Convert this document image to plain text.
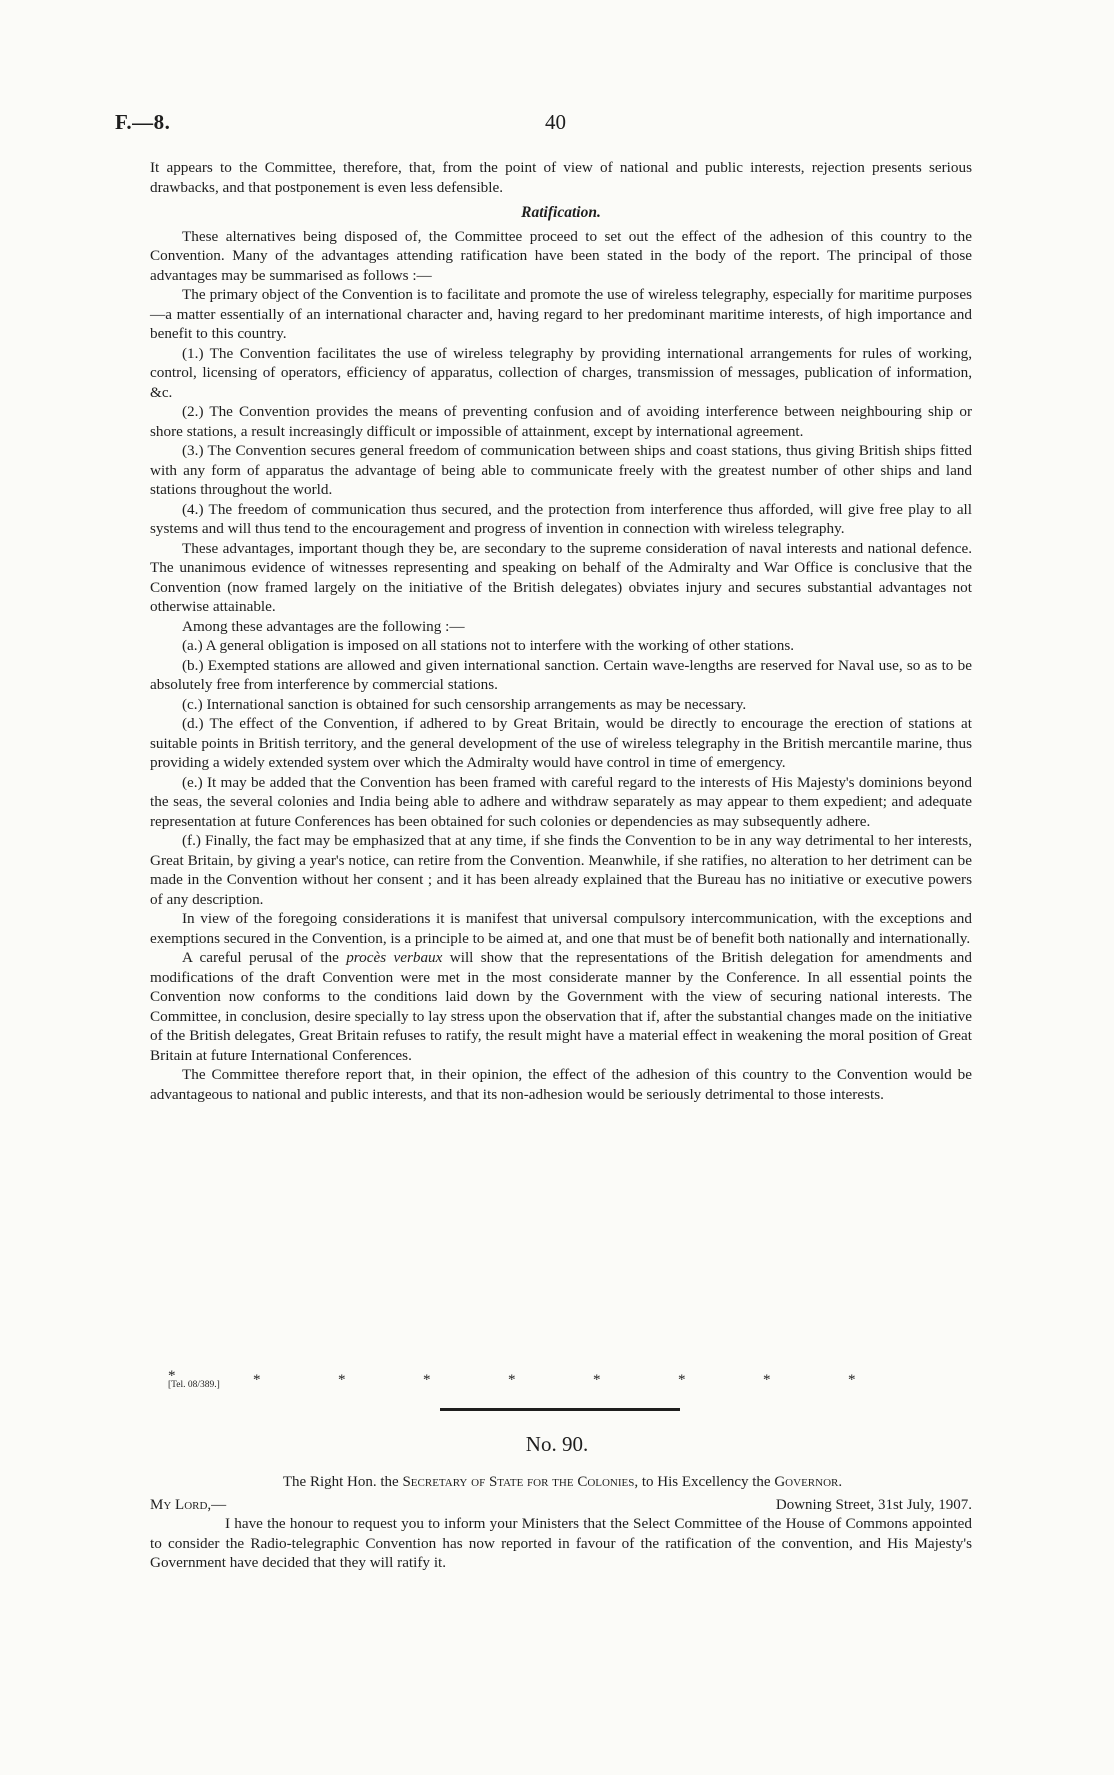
F.—8.	40

It appears to the Committee, therefore, that, from the point of view of national and public interests, rejection presents serious drawbacks, and that postponement is even less defensible.

Ratification.

These alternatives being disposed of, the Committee proceed to set out the effect of the adhesion of this country to the Convention. Many of the advantages attending ratification have been stated in the body of the report. The principal of those advantages may be summarised as follows :—

The primary object of the Convention is to facilitate and promote the use of wireless telegraphy, especially for maritime purposes—a matter essentially of an international character and, having regard to her predominant maritime interests, of high importance and benefit to this country.

(1.) The Convention facilitates the use of wireless telegraphy by providing international arrangements for rules of working, control, licensing of operators, efficiency of apparatus, collection of charges, transmission of messages, publication of information, &c.

(2.) The Convention provides the means of preventing confusion and of avoiding interference between neighbouring ship or shore stations, a result increasingly difficult or impossible of attainment, except by international agreement.

(3.) The Convention secures general freedom of communication between ships and coast stations, thus giving British ships fitted with any form of apparatus the advantage of being able to communicate freely with the greatest number of other ships and land stations throughout the world.

(4.) The freedom of communication thus secured, and the protection from interference thus afforded, will give free play to all systems and will thus tend to the encouragement and progress of invention in connection with wireless telegraphy.

These advantages, important though they be, are secondary to the supreme consideration of naval interests and national defence. The unanimous evidence of witnesses representing and speaking on behalf of the Admiralty and War Office is conclusive that the Convention (now framed largely on the initiative of the British delegates) obviates injury and secures substantial advantages not otherwise attainable.

Among these advantages are the following :—

(a.) A general obligation is imposed on all stations not to interfere with the working of other stations.

(b.) Exempted stations are allowed and given international sanction. Certain wave-lengths are reserved for Naval use, so as to be absolutely free from interference by commercial stations.

(c.) International sanction is obtained for such censorship arrangements as may be necessary.

(d.) The effect of the Convention, if adhered to by Great Britain, would be directly to encourage the erection of stations at suitable points in British territory, and the general development of the use of wireless telegraphy in the British mercantile marine, thus providing a widely extended system over which the Admiralty would have control in time of emergency.

(e.) It may be added that the Convention has been framed with careful regard to the interests of His Majesty's dominions beyond the seas, the several colonies and India being able to adhere and withdraw separately as may appear to them expedient; and adequate representation at future Conferences has been obtained for such colonies or dependencies as may subsequently adhere.

(f.) Finally, the fact may be emphasized that at any time, if she finds the Convention to be in any way detrimental to her interests, Great Britain, by giving a year's notice, can retire from the Convention. Meanwhile, if she ratifies, no alteration to her detriment can be made in the Convention without her consent ; and it has been already explained that the Bureau has no initiative or executive powers of any description.

In view of the foregoing considerations it is manifest that universal compulsory intercommunication, with the exceptions and exemptions secured in the Convention, is a principle to be aimed at, and one that must be of benefit both nationally and internationally.

A careful perusal of the procès verbaux will show that the representations of the British delegation for amendments and modifications of the draft Convention were met in the most considerate manner by the Conference. In all essential points the Convention now conforms to the conditions laid down by the Government with the view of securing national interests. The Committee, in conclusion, desire specially to lay stress upon the observation that if, after the substantial changes made on the initiative of the British delegates, Great Britain refuses to ratify, the result might have a material effect in weakening the moral position of Great Britain at future International Conferences.

The Committee therefore report that, in their opinion, the effect of the adhesion of this country to the Convention would be advantageous to national and public interests, and that its non-adhesion would be seriously detrimental to those interests.

[Tel. 08/389.]
*	*	*	*	*	*	*	*	*
No. 90.
The Right Hon. the Secretary of State for the Colonies, to His Excellency the Governor.
My Lord,—	Downing Street, 31st July, 1907.

I have the honour to request you to inform your Ministers that the Select Committee of the House of Commons appointed to consider the Radio-telegraphic Convention has now reported in favour of the ratification of the convention, and His Majesty's Government have decided that they will ratify it.
